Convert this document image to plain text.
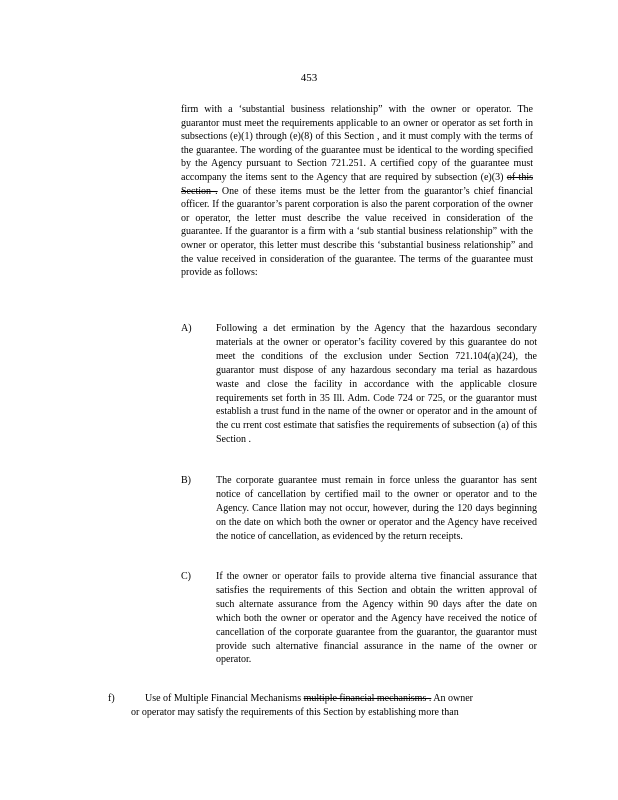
453
firm with a ‘substantial business relationship” with the owner or operator. The guarantor must meet the requirements applicable to an owner or operator as set forth in subsections (e)(1) through (e)(8) of this Section , and it must comply with the terms of the guarantee. The wording of the guarantee must be identical to the wording specified by the Agency pursuant to Section 721.251. A certified copy of the guarantee must accompany the items sent to the Agency that are required by subsection (e)(3) of this Section . One of these items must be the letter from the guarantor’s chief financial officer. If the guarantor’s parent corporation is also the parent corporation of the owner or operator, the letter must describe the value received in consideration of the guarantee. If the guarantor is a firm with a ‘sub stantial business relationship” with the owner or operator, this letter must describe this ‘substantial business relationship” and the value received in consideration of the guarantee. The terms of the guarantee must provide as follows:
A)	Following a det ermination by the Agency that the hazardous secondary materials at the owner or operator’s facility covered by this guarantee do not meet the conditions of the exclusion under Section 721.104(a)(24), the guarantor must dispose of any hazardous secondary ma terial as hazardous waste and close the facility in accordance with the applicable closure requirements set forth in 35 Ill. Adm. Code 724 or 725, or the guarantor must establish a trust fund in the name of the owner or operator and in the amount of the cu rrent cost estimate that satisfies the requirements of subsection (a) of this Section .
B)	The corporate guarantee must remain in force unless the guarantor has sent notice of cancellation by certified mail to the owner or operator and to the Agency. Cance llation may not occur, however, during the 120 days beginning on the date on which both the owner or operator and the Agency have received the notice of cancellation, as evidenced by the return receipts.
C)	If the owner or operator fails to provide alterna tive financial assurance that satisfies the requirements of this Section and obtain the written approval of such alternate assurance from the Agency within 90 days after the date on which both the owner or operator and the Agency have received the notice of cancellation of the corporate guarantee from the guarantor, the guarantor must provide such alternative financial assurance in the name of the owner or operator.
f)	Use of Multiple Financial Mechanisms multiple financial mechanisms . An owner
or operator may satisfy the requirements of this Section by establishing more than
